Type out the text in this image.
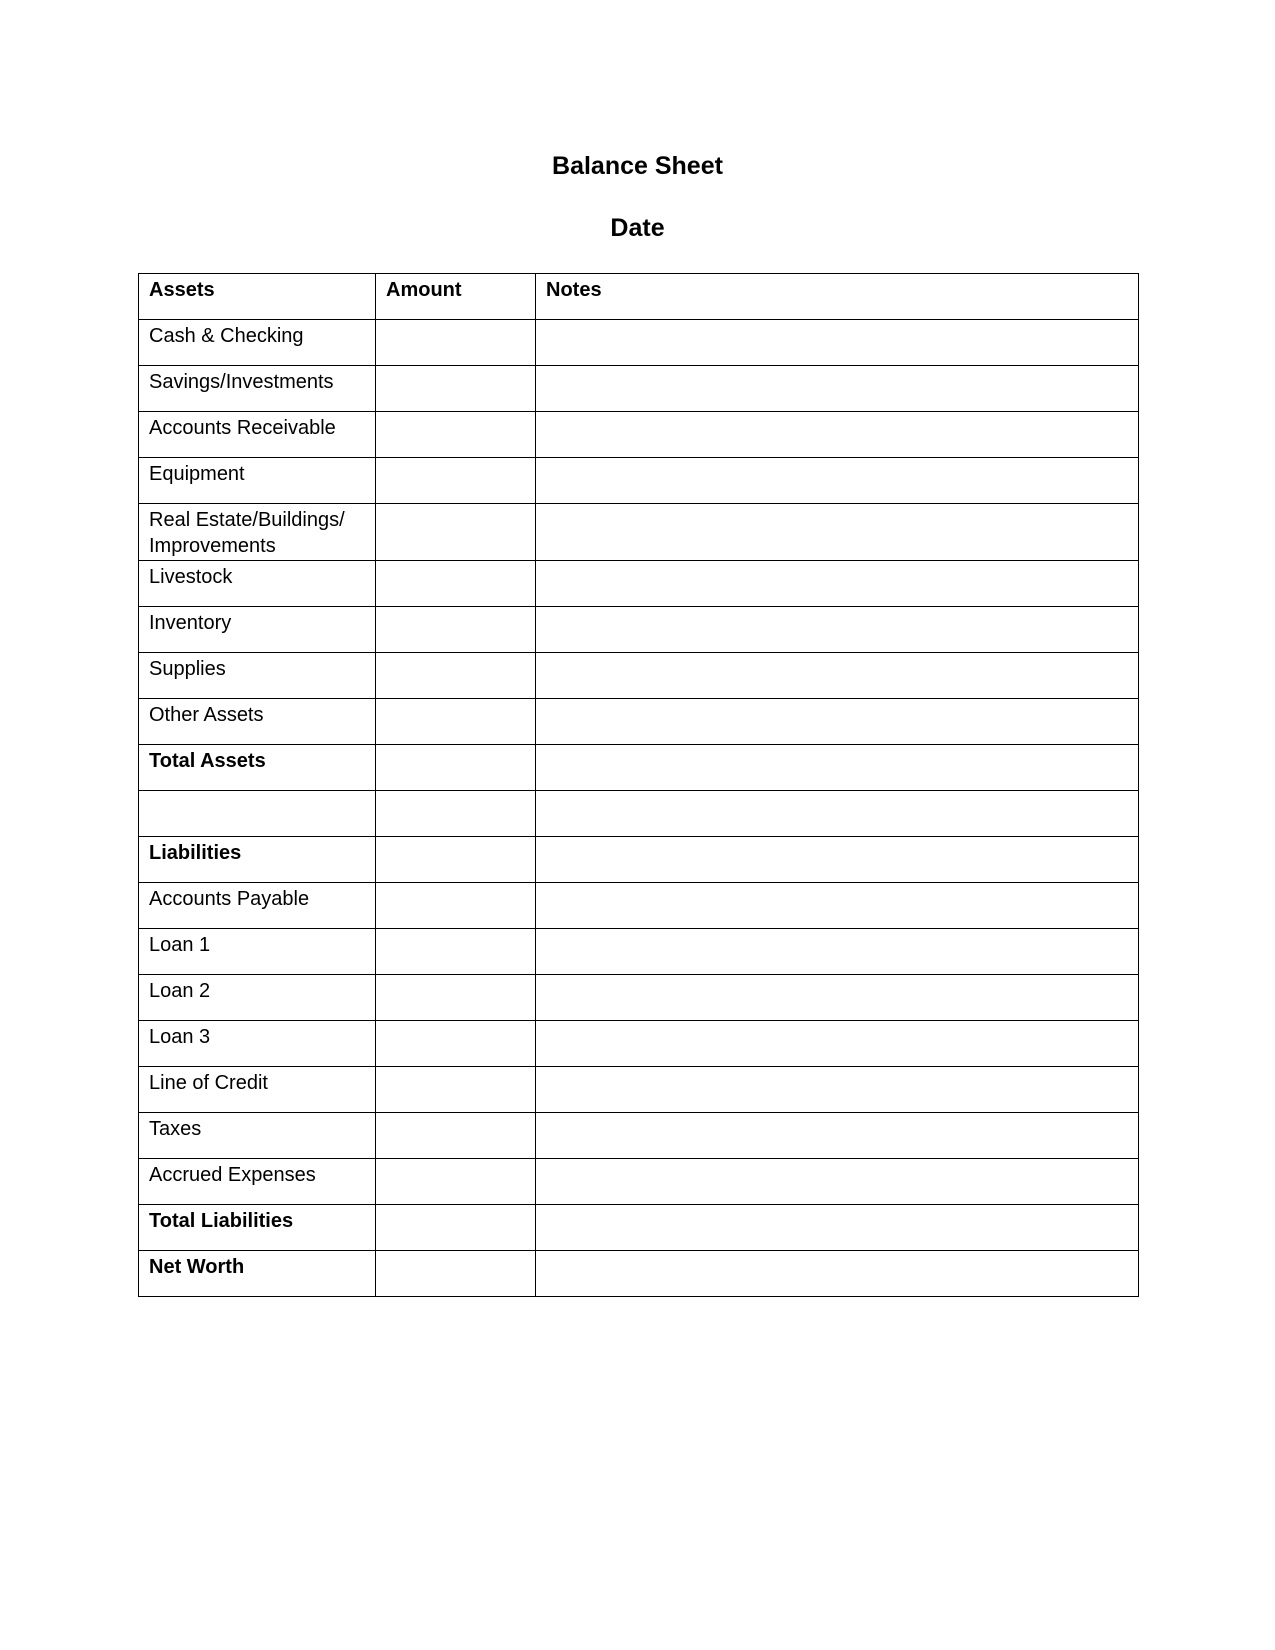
Balance Sheet
Date
Assets	Amount	Notes
Cash & Checking		
Savings/Investments		
Accounts Receivable		
Equipment		
Real Estate/Buildings/ Improvements		
Livestock		
Inventory		
Supplies		
Other Assets		
Total Assets		

Liabilities		
Accounts Payable		
Loan 1		
Loan 2		
Loan 3		
Line of Credit		
Taxes		
Accrued Expenses		
Total Liabilities		
Net Worth		
